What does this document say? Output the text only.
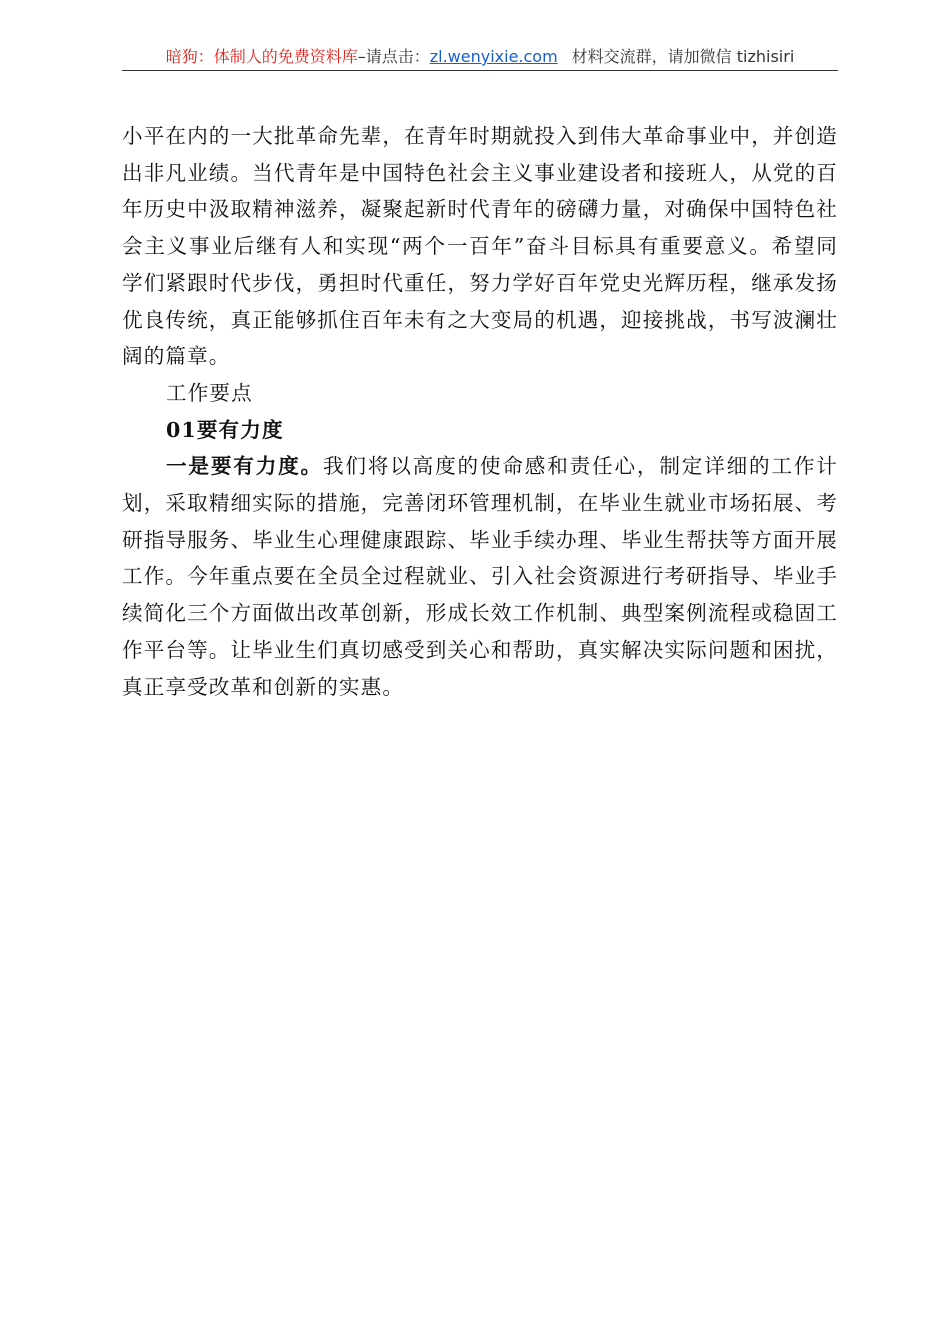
暗狗：体制人的免费资料库–请点击：zl.wenyixie.com 材料交流群，请加微信 tizhisiri

小平在内的一大批革命先辈，在青年时期就投入到伟大革命事业中，并创造出非凡业绩。当代青年是中国特色社会主义事业建设者和接班人，从党的百年历史中汲取精神滋养，凝聚起新时代青年的磅礴力量，对确保中国特色社会主义事业后继有人和实现“两个一百年”奋斗目标具有重要意义。希望同学们紧跟时代步伐，勇担时代重任，努力学好百年党史光辉历程，继承发扬优良传统，真正能够抓住百年未有之大变局的机遇，迎接挑战，书写波澜壮阔的篇章。

工作要点

01要有力度

一是要有力度。我们将以高度的使命感和责任心，制定详细的工作计划，采取精细实际的措施，完善闭环管理机制，在毕业生就业市场拓展、考研指导服务、毕业生心理健康跟踪、毕业手续办理、毕业生帮扶等方面开展工作。今年重点要在全员全过程就业、引入社会资源进行考研指导、毕业手续简化三个方面做出改革创新，形成长效工作机制、典型案例流程或稳固工作平台等。让毕业生们真切感受到关心和帮助，真实解决实际问题和困扰，真正享受改革和创新的实惠。
